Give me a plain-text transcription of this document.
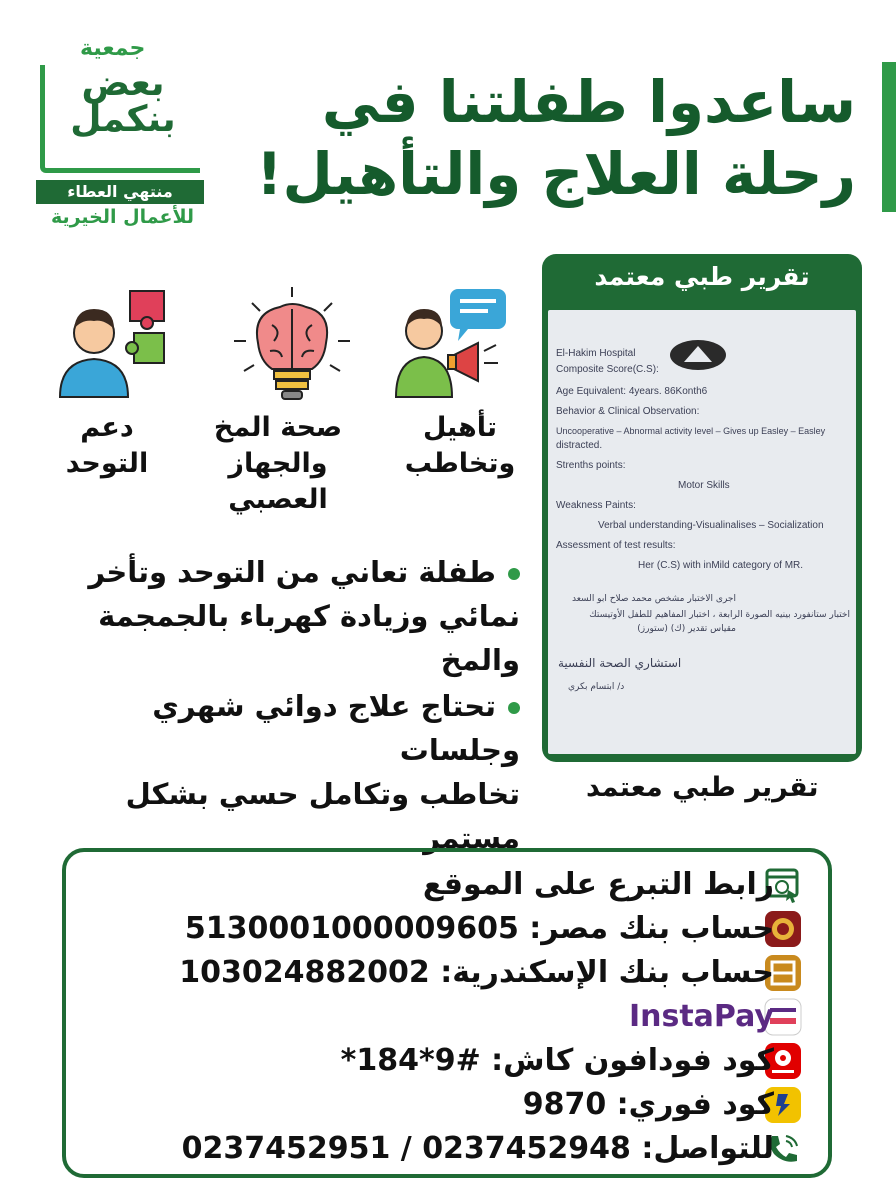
جمعية
بعض بنكمل
منتهي العطاء
للأعمال الخيرية
ساعدوا طفلتنا في
رحلة العلاج والتأهيل!
تأهيل
وتخاطب
صحة المخ
والجهاز العصبي
دعم
التوحد
طفلة تعاني من التوحد وتأخر
نمائي وزيادة كهرباء بالجمجمة والمخ
تحتاج علاج دوائي شهري وجلسات
تخاطب وتكامل حسي بشكل مستمر
تقرير طبي معتمد
El-Hakim Hospital
Composite Score(C.S):
Age Equivalent: 4years. 86Konth6
Behavior & Clinical Observation:
Uncooperative – Abnormal activity level – Gives up Easley – Easley
distracted.
Strenths points:
Motor Skills
Weakness Paints:
Verbal understanding-Visualinalises – Socialization
Assessment of test results:
Her (C.S) with inMild category of MR.
اجرى الاختبار مشخص محمد صلاح ابو السعد
اختبار ستانفورد بينيه الصورة الرابعة ، اختبار المفاهيم للطفل الأوتيستك
مقياس تقدير (ك) (ستورز)
استشاري الصحة النفسية
د/ ابتسام بكري
تقرير طبي معتمد
رابط التبرع على الموقع
حساب بنك مصر: 5130001000009605
حساب بنك الإسكندرية: 103024882002
InstaPay
كود فودافون كاش: #9*184*
كود فوري: 9870
للتواصل: 0237452948 / 0237452951
